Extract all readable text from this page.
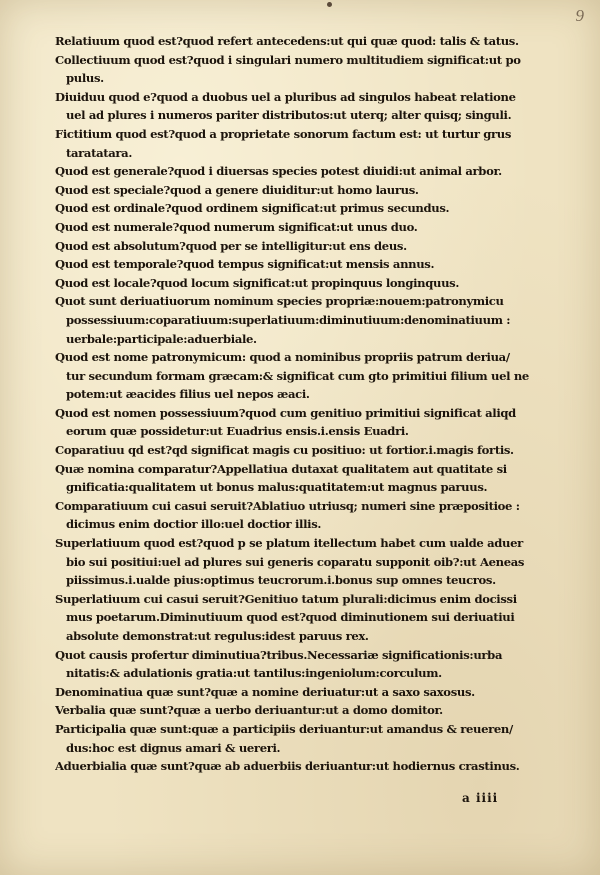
9
Relatiuum quod est?quod refert antecedens:ut qui quæ quod: talis & tatus.
Collectiuum quod est?quod i singulari numero multitudiem significat:ut po
pulus.
Diuiduu quod e?quod a duobus uel a pluribus ad singulos habeat relatione
uel ad plures i numeros pariter distributos:ut uterq; alter quisq; singuli.
Fictitium quod est?quod a proprietate sonorum factum est: ut turtur grus
taratatara.
Quod est generale?quod i diuersas species potest diuidi:ut animal arbor.
Quod est speciale?quod a genere diuiditur:ut homo laurus.
Quod est ordinale?quod ordinem significat:ut primus secundus.
Quod est numerale?quod numerum significat:ut unus duo.
Quod est absolutum?quod per se intelligitur:ut ens deus.
Quod est temporale?quod tempus significat:ut mensis annus.
Quod est locale?quod locum significat:ut propinquus longinquus.
Quot sunt deriuatiuorum nominum species propriæ:nouem:patronymicu
possessiuum:coparatiuum:superlatiuum:diminutiuum:denominatiuum :
uerbale:participale:aduerbiale.
Quod est nome patronymicum: quod a nominibus propriis patrum deriua/
tur secundum formam græcam:& significat cum gto primitiui filium uel ne
potem:ut æacides filius uel nepos æaci.
Quod est nomen possessiuum?quod cum genitiuo primitiui significat aliqd
eorum quæ possidetur:ut Euadrius ensis.i.ensis Euadri.
Coparatiuu qd est?qd significat magis cu positiuo: ut fortior.i.magis fortis.
Quæ nomina comparatur?Appellatiua dutaxat qualitatem aut quatitate si
gnificatia:qualitatem ut bonus malus:quatitatem:ut magnus paruus.
Comparatiuum cui casui seruit?Ablatiuo utriusq; numeri sine præpositioe :
dicimus enim doctior illo:uel doctior illis.
Superlatiuum quod est?quod p se platum itellectum habet cum ualde aduer
bio sui positiui:uel ad plures sui generis coparatu supponit oib?:ut Aeneas
piissimus.i.ualde pius:optimus teucrorum.i.bonus sup omnes teucros.
Superlatiuum cui casui seruit?Genitiuo tatum plurali:dicimus enim docissi
mus poetarum.Diminutiuum quod est?quod diminutionem sui deriuatiui
absolute demonstrat:ut regulus:idest paruus rex.
Quot causis profertur diminutiua?tribus.Necessariæ significationis:urba
nitatis:& adulationis gratia:ut tantilus:ingeniolum:corculum.
Denominatiua quæ sunt?quæ a nomine deriuatur:ut a saxo saxosus.
Verbalia quæ sunt?quæ a uerbo deriuantur:ut a domo domitor.
Participalia quæ sunt:quæ a participiis deriuantur:ut amandus & reueren/
dus:hoc est dignus amari & uereri.
Aduerbialia quæ sunt?quæ ab aduerbiis deriuantur:ut hodiernus crastinus.
a iiii
